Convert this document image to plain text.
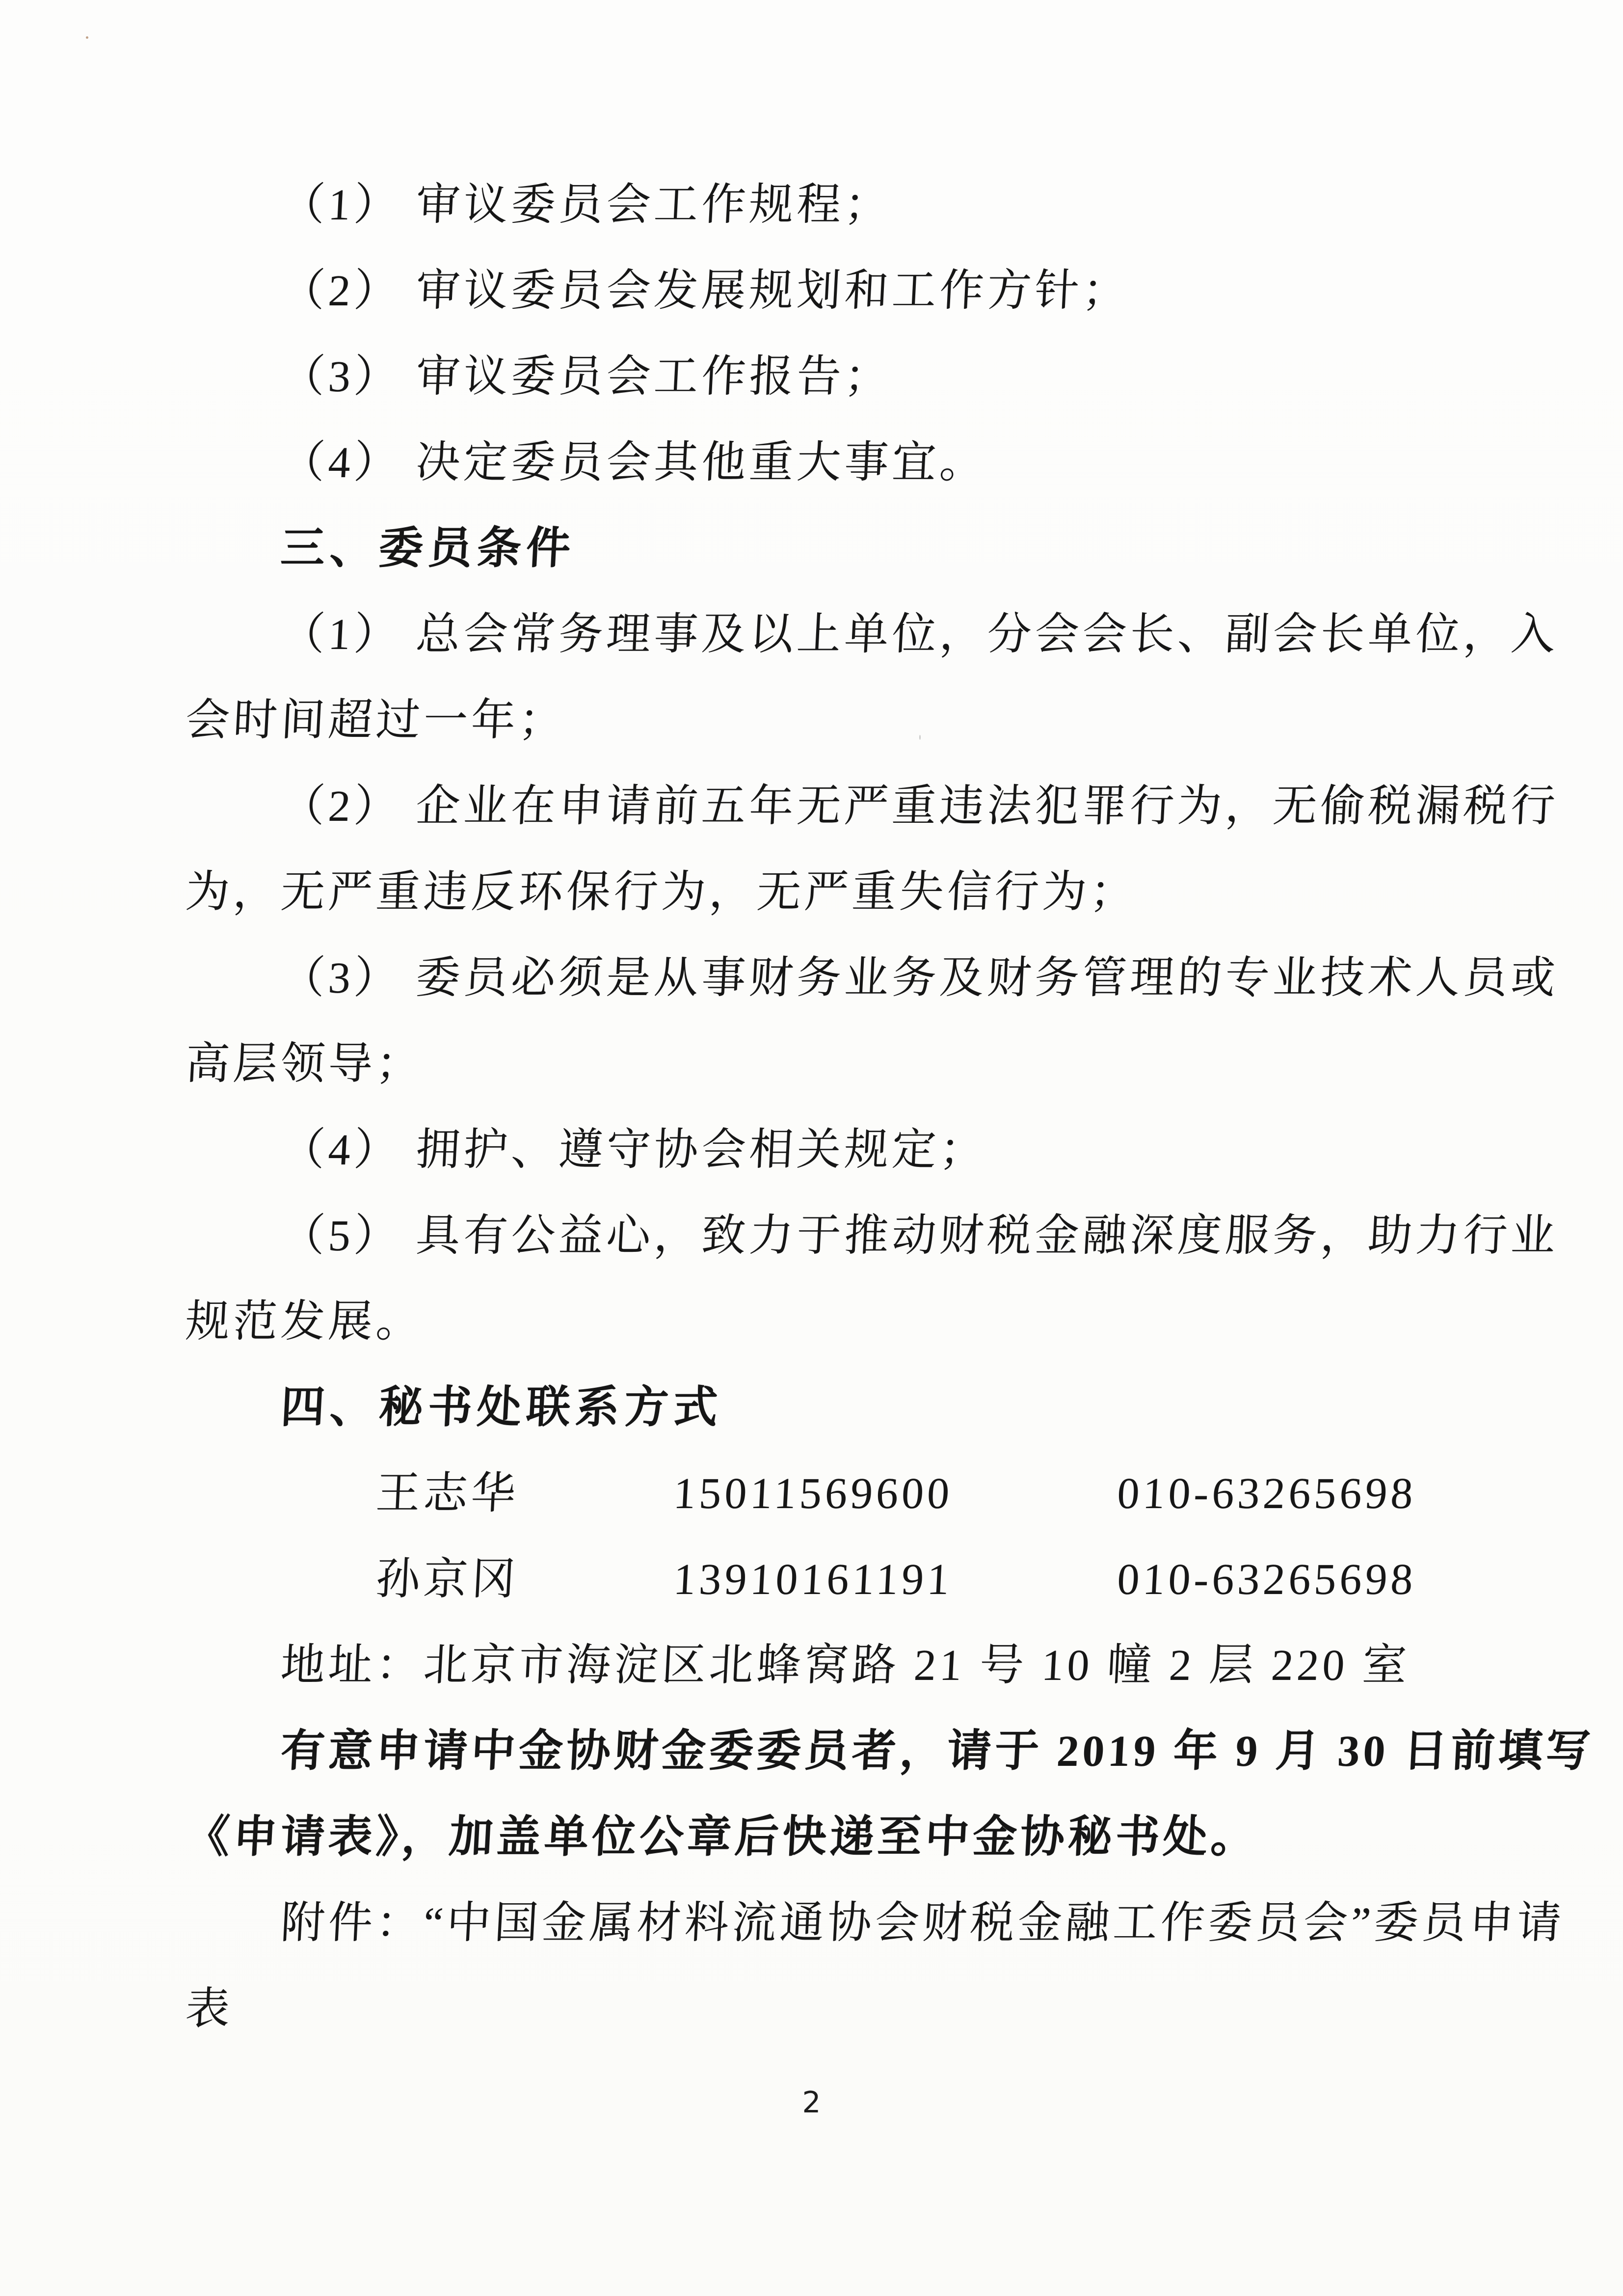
（1） 审议委员会工作规程；
（2） 审议委员会发展规划和工作方针；
（3） 审议委员会工作报告；
（4） 决定委员会其他重大事宜。
三、委员条件
（1） 总会常务理事及以上单位，分会会长、副会长单位，入
会时间超过一年；
（2） 企业在申请前五年无严重违法犯罪行为，无偷税漏税行
为，无严重违反环保行为，无严重失信行为；
（3） 委员必须是从事财务业务及财务管理的专业技术人员或
高层领导；
（4） 拥护、遵守协会相关规定；
（5） 具有公益心，致力于推动财税金融深度服务，助力行业
规范发展。
四、秘书处联系方式
王志华	15011569600	010-63265698
孙京冈	13910161191	010-63265698
地址：北京市海淀区北蜂窝路 21 号 10 幢 2 层 220 室
有意申请中金协财金委委员者，请于 2019 年 9 月 30 日前填写
《申请表》，加盖单位公章后快递至中金协秘书处。
附件：“中国金属材料流通协会财税金融工作委员会”委员申请
表
2
